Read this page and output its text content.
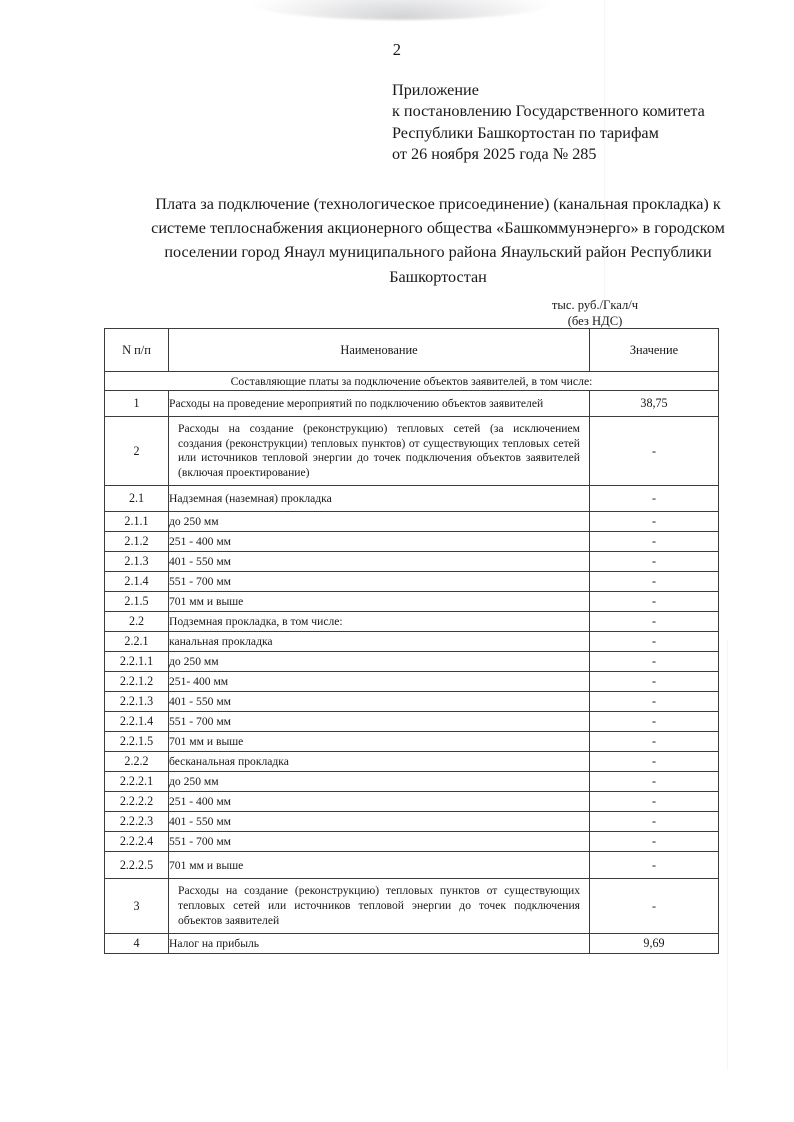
2
Приложение
к постановлению Государственного комитета
Республики Башкортостан по тарифам
от 26 ноября 2025 года № 285
Плата за подключение (технологическое присоединение) (канальная прокладка) к системе теплоснабжения акционерного общества «Башкоммунэнерго» в городском поселении город Янаул муниципального района Янаульский район Республики Башкортостан
тыс. руб./Гкал/ч
(без НДС)
N п/п	Наименование	Значение
Составляющие платы за подключение объектов заявителей, в том числе:		
1	Расходы на проведение мероприятий по подключению объектов заявителей	38,75
2	Расходы на создание (реконструкцию) тепловых сетей (за исключением создания (реконструкции) тепловых пунктов) от существующих тепловых сетей или источников тепловой энергии до точек подключения объектов заявителей (включая проектирование)	-
2.1	Надземная (наземная) прокладка	-
2.1.1	до 250 мм	-
2.1.2	251 - 400 мм	-
2.1.3	401 - 550 мм	-
2.1.4	551 - 700 мм	-
2.1.5	701 мм и выше	-
2.2	Подземная прокладка, в том числе:	-
2.2.1	канальная прокладка	-
2.2.1.1	до 250 мм	-
2.2.1.2	251- 400 мм	-
2.2.1.3	401 - 550 мм	-
2.2.1.4	551 - 700 мм	-
2.2.1.5	701 мм и выше	-
2.2.2	бесканальная прокладка	-
2.2.2.1	до 250 мм	-
2.2.2.2	251 - 400 мм	-
2.2.2.3	401 - 550 мм	-
2.2.2.4	551 - 700 мм	-
2.2.2.5	701 мм и выше	-
3	Расходы на создание (реконструкцию) тепловых пунктов от существующих тепловых сетей или источников тепловой энергии до точек подключения объектов заявителей	-
4	Налог на прибыль	9,69
